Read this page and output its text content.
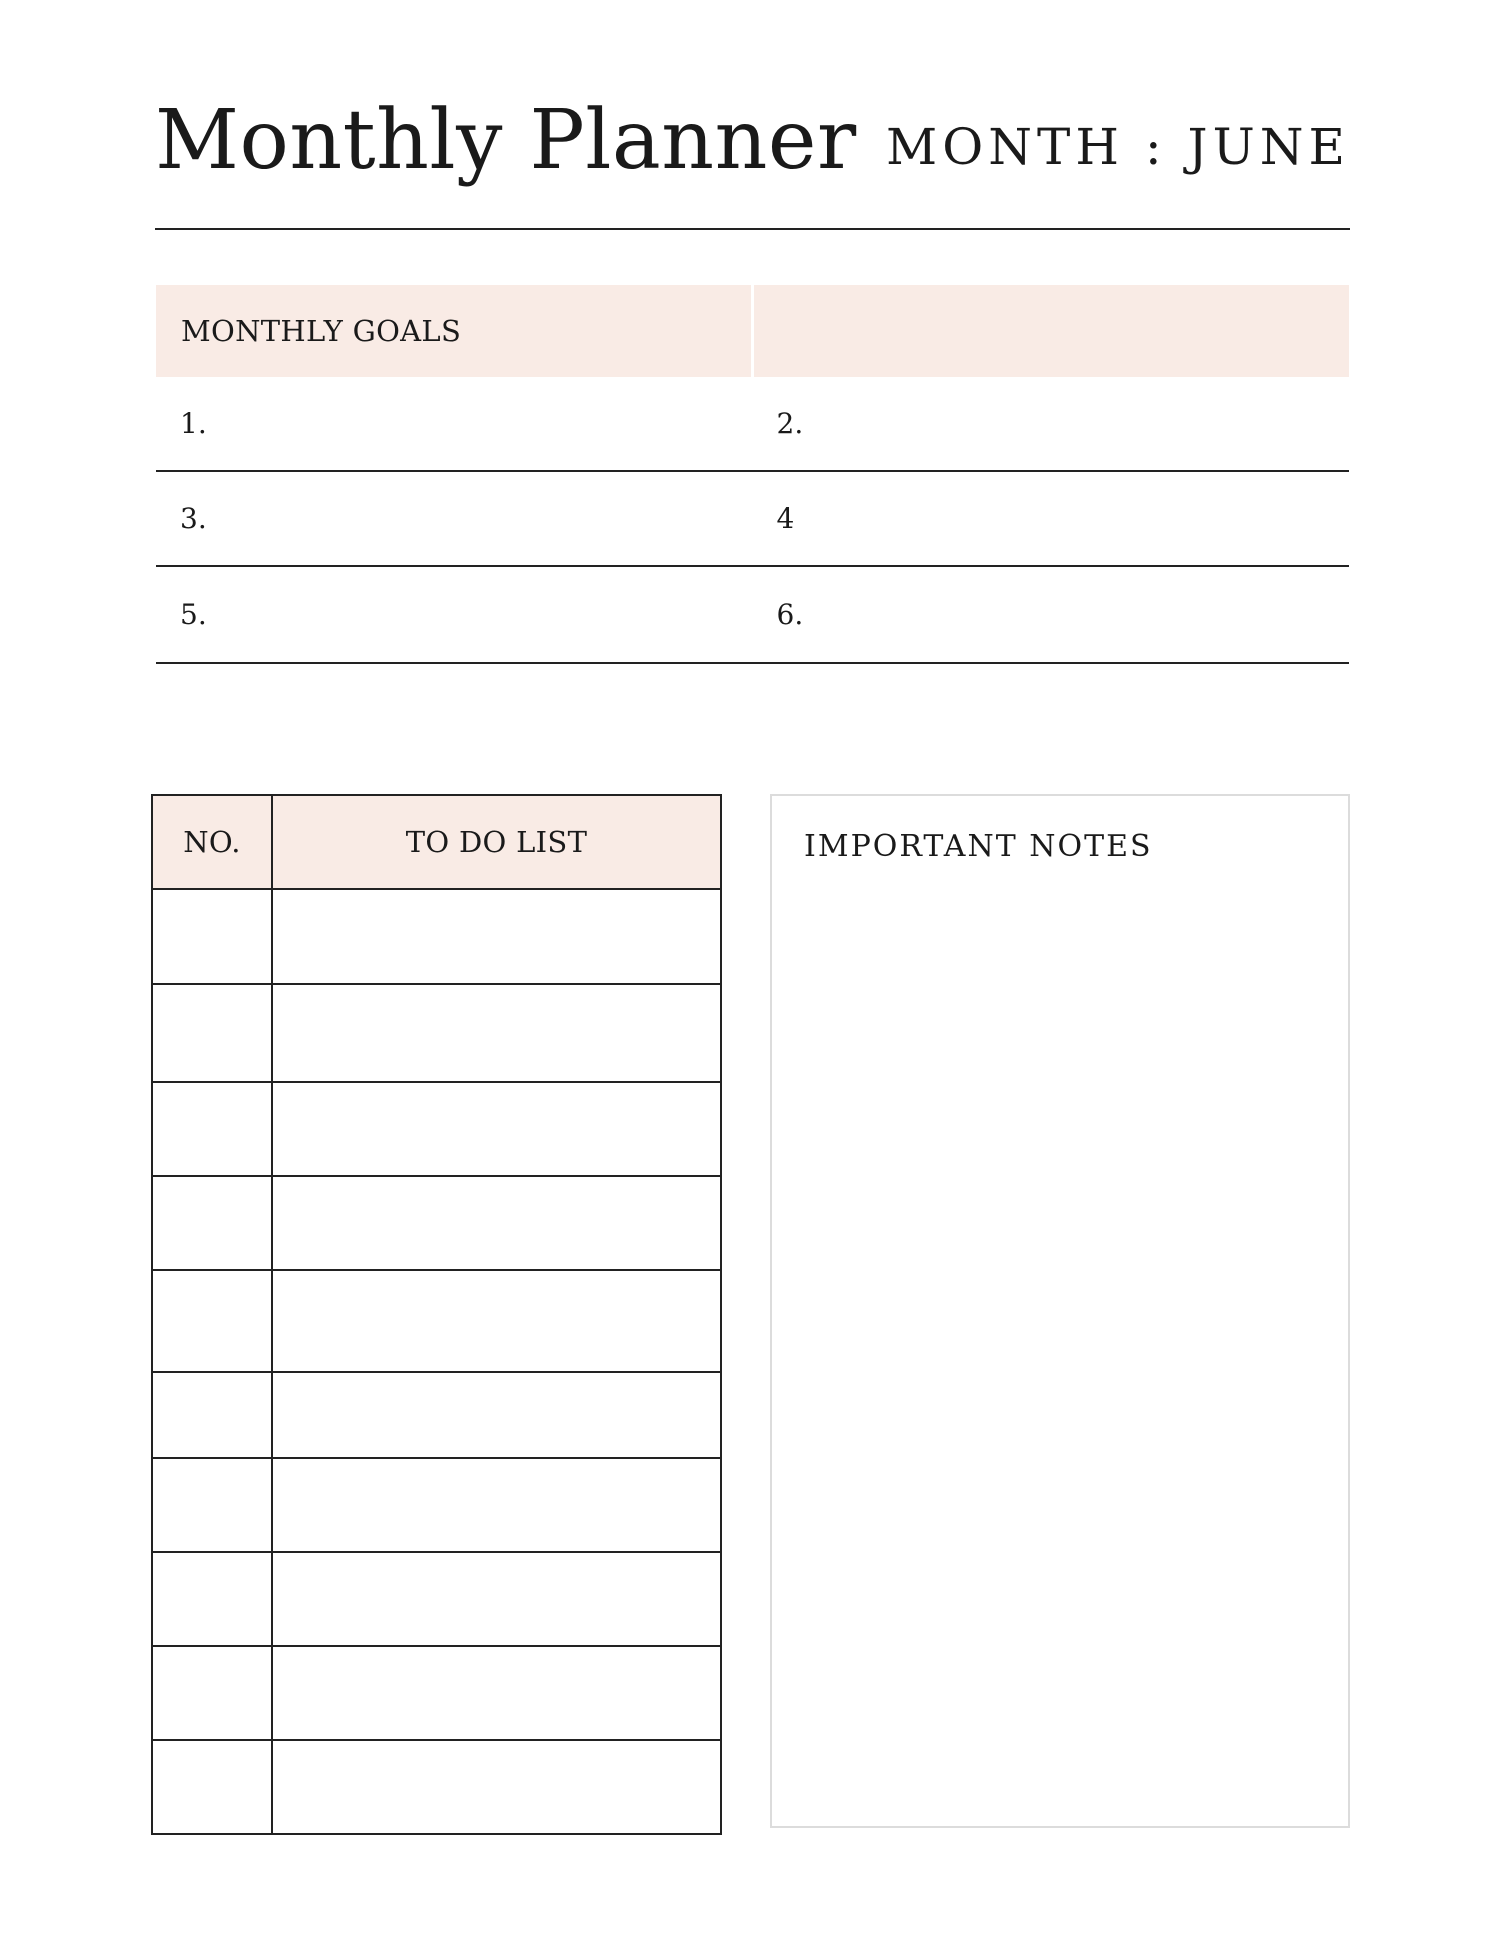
Monthly Planner MONTH : JUNE
MONTHLY GOALS
1.	2.
3.	4
5.	6.
NO.	TO DO LIST

		IMPORTANT NOTES
